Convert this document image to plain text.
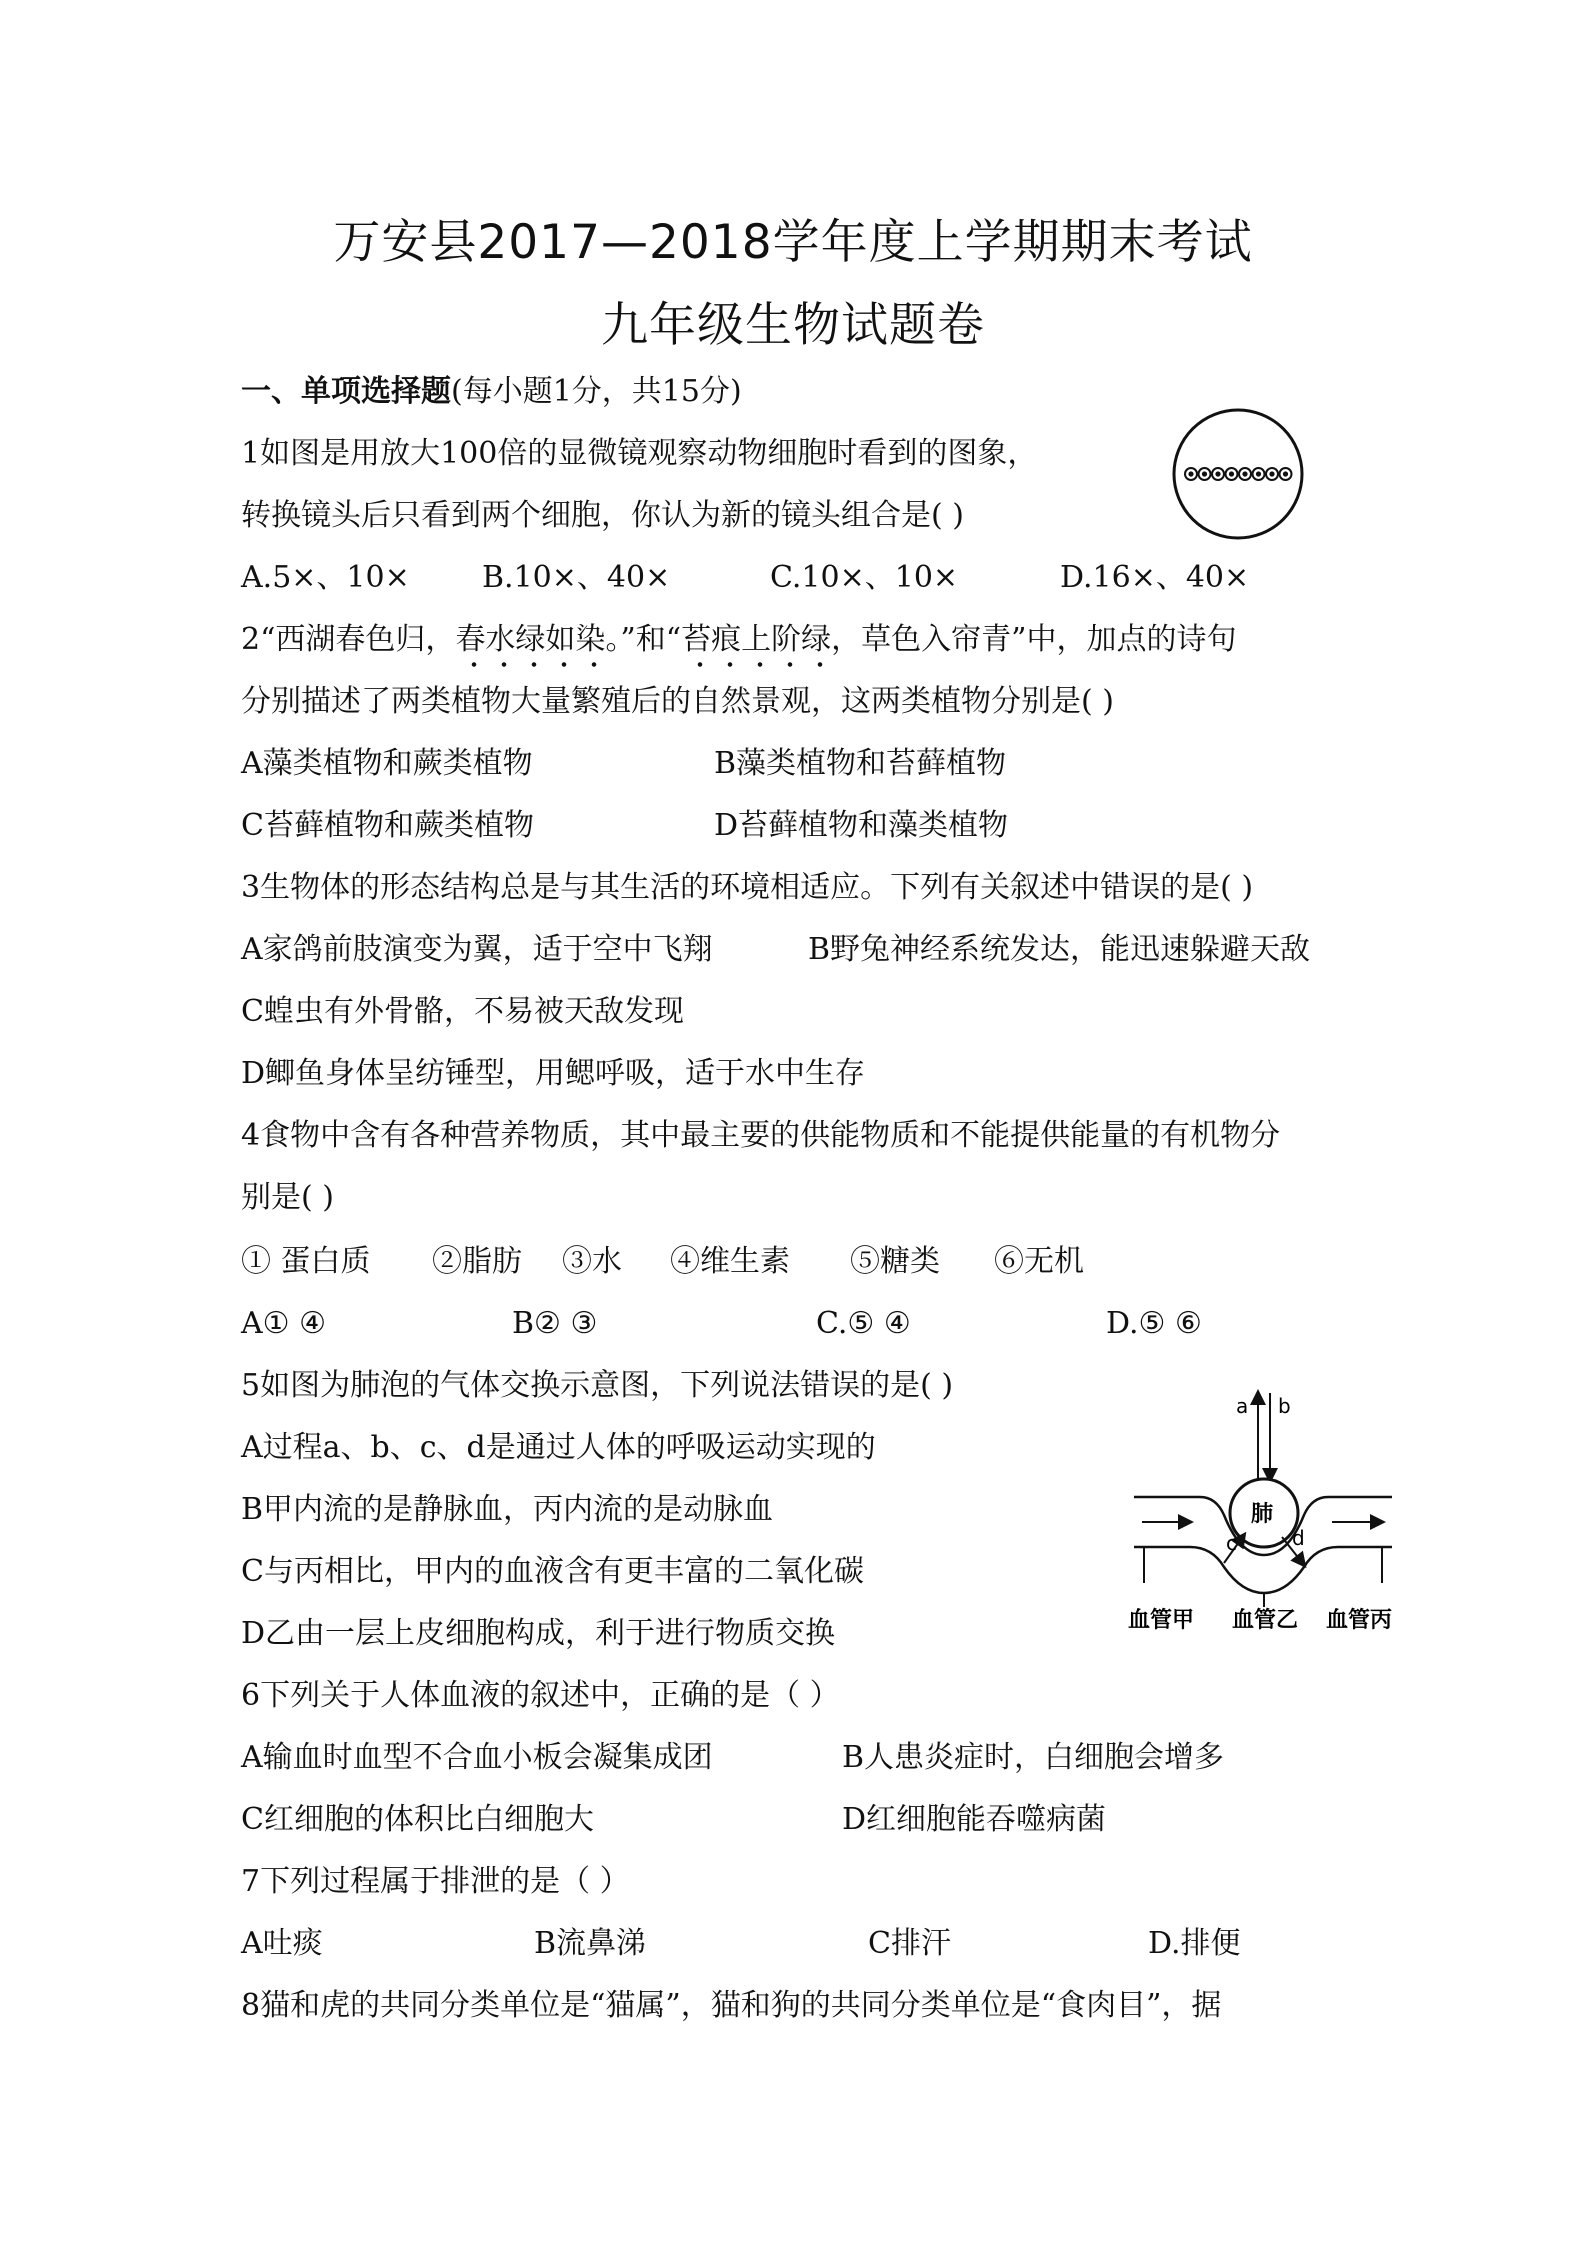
万安县2017—2018学年度上学期期末考试
九年级生物试题卷
一、单项选择题(每小题1分，共15分)
1如图是用放大100倍的显微镜观察动物细胞时看到的图象，
转换镜头后只看到两个细胞，你认为新的镜头组合是( )
A.5×、10× B.10×、40×	C.10×、10×	D.16×、40×
2“西湖春色归，春水绿如染。”和“苔痕上阶绿，草色入帘青”中，加点的诗句
分别描述了两类植物大量繁殖后的自然景观，这两类植物分别是( )
A藻类植物和蕨类植物	B藻类植物和苔藓植物
C苔藓植物和蕨类植物	D苔藓植物和藻类植物
3生物体的形态结构总是与其生活的环境相适应。下列有关叙述中错误的是( )
A家鸽前肢演变为翼，适于空中飞翔	B野兔神经系统发达，能迅速躲避天敌
C蝗虫有外骨骼，不易被天敌发现
D鲫鱼身体呈纺锤型，用鳃呼吸，适于水中生存
4食物中含有各种营养物质，其中最主要的供能物质和不能提供能量的有机物分
别是( )
① 蛋白质 ②脂肪 ③水 ④维生素 ⑤糖类 ⑥无机
A① ④	B② ③	C.⑤ ④	D.⑤ ⑥
5如图为肺泡的气体交换示意图，下列说法错误的是( )
A过程a、b、c、d是通过人体的呼吸运动实现的
B甲内流的是静脉血，丙内流的是动脉血
C与丙相比，甲内的血液含有更丰富的二氧化碳
D乙由一层上皮细胞构成，利于进行物质交换
a b
肺
c	d
血管甲 血管乙 血管丙
6下列关于人体血液的叙述中，正确的是（ ）
A输血时血型不合血小板会凝集成团	B人患炎症时，白细胞会增多
C红细胞的体积比白细胞大	D红细胞能吞噬病菌
7下列过程属于排泄的是（ ）
A吐痰	B流鼻涕	C排汗	D.排便
8猫和虎的共同分类单位是“猫属”，猫和狗的共同分类单位是“食肉目”，据
